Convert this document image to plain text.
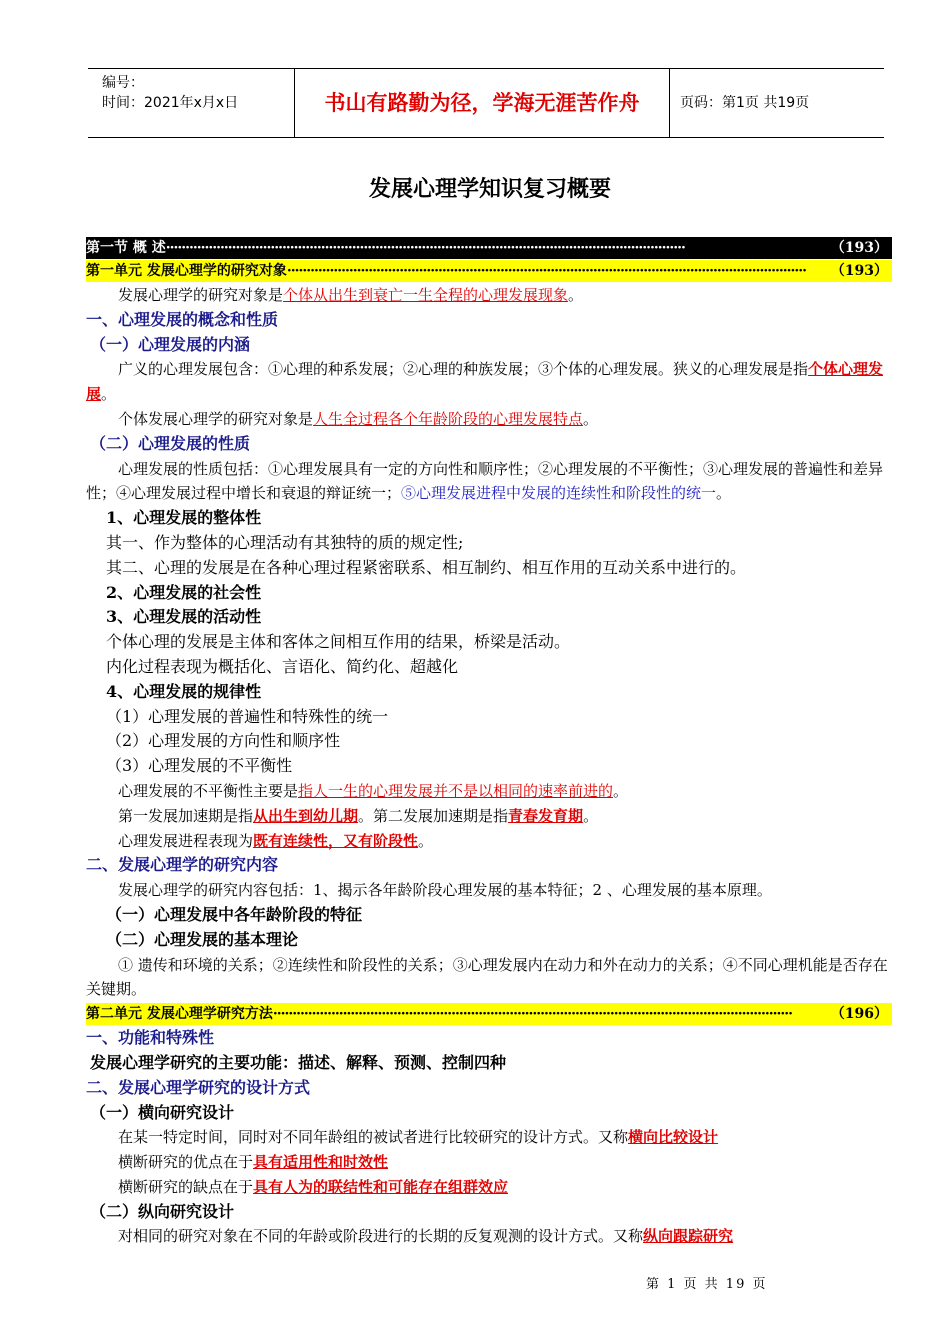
编号：
时间：2021年x月x日	书山有路勤为径，学海无涯苦作舟	页码：第1页 共19页
发展心理学知识复习概要
第一节 概 述 ······································································································································	（193）
第一单元 发展心理学的研究对象 ······································································································································	（193）
发展心理学的研究对象是个体从出生到衰亡一生全程的心理发展现象。
一、心理发展的概念和性质
（一）心理发展的内涵
广义的心理发展包含：①心理的种系发展；②心理的种族发展；③个体的心理发展。狭义的心理发展是指个体心理发展。
个体发展心理学的研究对象是人生全过程各个年龄阶段的心理发展特点。
（二）心理发展的性质
心理发展的性质包括：①心理发展具有一定的方向性和顺序性；②心理发展的不平衡性；③心理发展的普遍性和差异性；④心理发展过程中增长和衰退的辩证统一；⑤心理发展进程中发展的连续性和阶段性的统一。
1、心理发展的整体性
其一、作为整体的心理活动有其独特的质的规定性;
其二、心理的发展是在各种心理过程紧密联系、相互制约、相互作用的互动关系中进行的。
2、心理发展的社会性
3、心理发展的活动性
个体心理的发展是主体和客体之间相互作用的结果，桥梁是活动。
内化过程表现为概括化、言语化、简约化、超越化
4、心理发展的规律性
（1）心理发展的普遍性和特殊性的统一
（2）心理发展的方向性和顺序性
（3）心理发展的不平衡性
心理发展的不平衡性主要是指人一生的心理发展并不是以相同的速率前进的。
第一发展加速期是指从出生到幼儿期。第二发展加速期是指青春发育期。
心理发展进程表现为既有连续性，又有阶段性。
二、发展心理学的研究内容
发展心理学的研究内容包括：1、揭示各年龄阶段心理发展的基本特征；2 、心理发展的基本原理。
（一）心理发展中各年龄阶段的特征
（二）心理发展的基本理论
① 遗传和环境的关系；②连续性和阶段性的关系；③心理发展内在动力和外在动力的关系；④不同心理机能是否存在关键期。
第二单元 发展心理学研究方法 ······································································································································	（196）
一、功能和特殊性
发展心理学研究的主要功能：描述、解释、预测、控制四种
二、发展心理学研究的设计方式
（一）横向研究设计
在某一特定时间，同时对不同年龄组的被试者进行比较研究的设计方式。又称横向比较设计
横断研究的优点在于具有适用性和时效性
横断研究的缺点在于具有人为的联结性和可能存在组群效应
（二）纵向研究设计
对相同的研究对象在不同的年龄或阶段进行的长期的反复观测的设计方式。又称纵向跟踪研究
第 1 页 共 19 页
